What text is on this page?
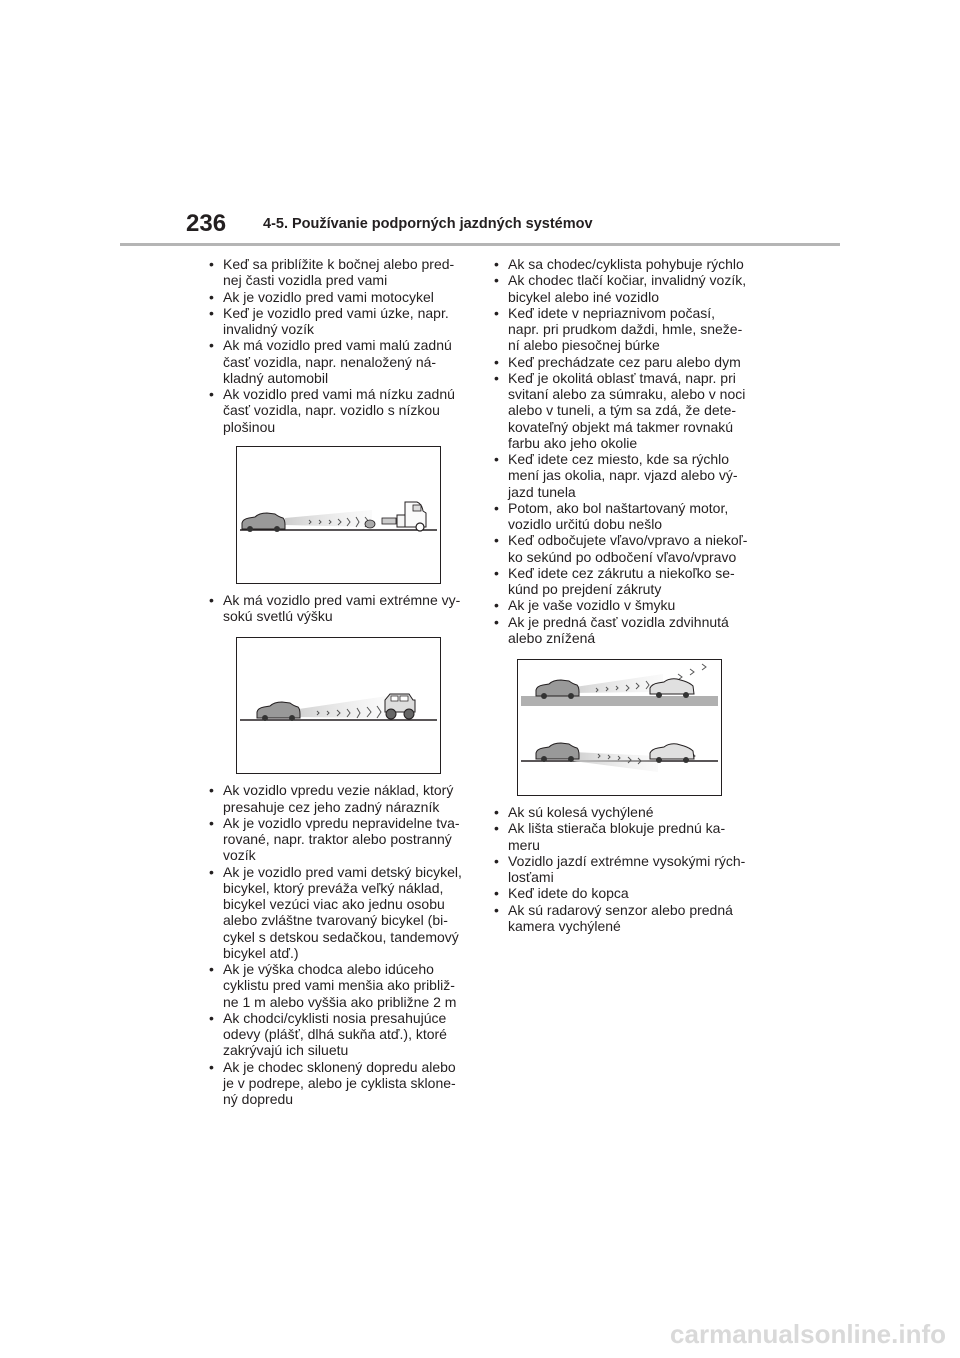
236	4-5. Používanie podporných jazdných systémov
• Keď sa priblížite k bočnej alebo pred-
nej časti vozidla pred vami
• Ak je vozidlo pred vami motocykel
• Keď je vozidlo pred vami úzke, napr.
invalidný vozík
• Ak má vozidlo pred vami malú zadnú
časť vozidla, napr. nenaložený ná-
kladný automobil
• Ak vozidlo pred vami má nízku zadnú
časť vozidla, napr. vozidlo s nízkou
plošinou
• Ak má vozidlo pred vami extrémne vy-
sokú svetlú výšku
• Ak vozidlo vpredu vezie náklad, ktorý
presahuje cez jeho zadný nárazník
• Ak je vozidlo vpredu nepravidelne tva-
rované, napr. traktor alebo postranný
vozík
• Ak je vozidlo pred vami detský bicykel,
bicykel, ktorý preváža veľký náklad,
bicykel vezúci viac ako jednu osobu
alebo zvláštne tvarovaný bicykel (bi-
cykel s detskou sedačkou, tandemový
bicykel atď.)
• Ak je výška chodca alebo idúceho
cyklistu pred vami menšia ako približ-
ne 1 m alebo vyššia ako približne 2 m
• Ak chodci/cyklisti nosia presahujúce
odevy (plášť, dlhá sukňa atď.), ktoré
zakrývajú ich siluetu
• Ak je chodec sklonený dopredu alebo
je v podrepe, alebo je cyklista sklone-
ný dopredu
• Ak sa chodec/cyklista pohybuje rýchlo
• Ak chodec tlačí kočiar, invalidný vozík,
bicykel alebo iné vozidlo
• Keď idete v nepriaznivom počasí,
napr. pri prudkom daždi, hmle, sneže-
ní alebo piesočnej búrke
• Keď prechádzate cez paru alebo dym
• Keď je okolitá oblasť tmavá, napr. pri
svitaní alebo za súmraku, alebo v noci
alebo v tuneli, a tým sa zdá, že dete-
kovateľný objekt má takmer rovnakú
farbu ako jeho okolie
• Keď idete cez miesto, kde sa rýchlo
mení jas okolia, napr. vjazd alebo vý-
jazd tunela
• Potom, ako bol naštartovaný motor,
vozidlo určitú dobu nešlo
• Keď odbočujete vľavo/vpravo a niekoľ-
ko sekúnd po odbočení vľavo/vpravo
• Keď idete cez zákrutu a niekoľko se-
kúnd po prejdení zákruty
• Ak je vaše vozidlo v šmyku
• Ak je predná časť vozidla zdvihnutá
alebo znížená
• Ak sú kolesá vychýlené
• Ak lišta stierača blokuje prednú ka-
meru
• Vozidlo jazdí extrémne vysokými rých-
losťami
• Keď idete do kopca
• Ak sú radarový senzor alebo predná
kamera vychýlené
carmanualsonline.info
